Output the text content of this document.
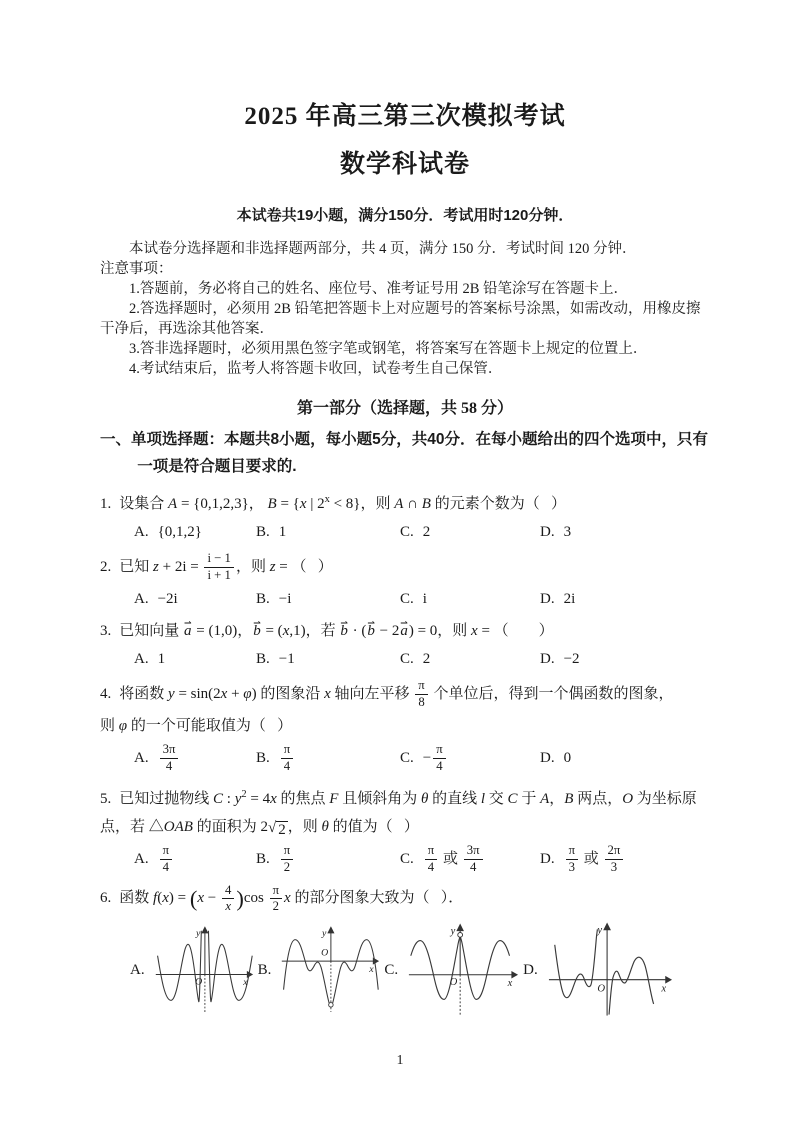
2025 年高三第三次模拟考试
数学科试卷
本试卷共19小题，满分150分．考试用时120分钟．

本试卷分选择题和非选择题两部分，共 4 页，满分 150 分．考试时间 120 分钟．

注意事项：

1.答题前，务必将自己的姓名、座位号、准考证号用 2B 铅笔涂写在答题卡上．

2.答选择题时，必须用 2B 铅笔把答题卡上对应题号的答案标号涂黑，如需改动，用橡皮擦干净后，再选涂其他答案．

3.答非选择题时，必须用黑色签字笔或钢笔，将答案写在答题卡上规定的位置上．

4.考试结束后，监考人将答题卡收回，试卷考生自己保管．

第一部分（选择题，共 58 分）

一、单项选择题：本题共8小题，每小题5分，共40分．在每小题给出的四个选项中，只有一项是符合题目要求的.

1. 设集合 A = {0,1,2,3}， B = {x | $2^x < 8$}，则 A ∩ B 的元素个数为（   ）

A. {0,1,2}	B. 1	C. 2	D. 3

2. 已知 $z + 2i = \frac{i - 1}{i + 1}$ ，则 z = （   ）

A. −2i	B. −i	C. i	D. 2i

3. 已知向量 a ⇀ = (1,0)，b ⇀ = (x,1)，若 b ⇀ · (b ⇀ − 2a ⇀) = 0，则 x = （        ）

A. 1	B. −1	C. 2	D. −2

4. 将函数 y = sin(2x + φ) 的图象沿 x 轴向左平移 $\frac{\pi}{8}$ 个单位后，得到一个偶函数的图象，

则 φ 的一个可能取值为（   ）

A. $\frac{3\pi}{4}$	B. $\frac{\pi}{4}$	C. − $\frac{\pi}{4}$	D. 0

5. 已知过抛物线 C : $y^2 = 4x$ 的焦点 F 且倾斜角为 θ 的直线 l 交 C 于 A，B 两点，O 为坐标原

点，若 △OAB 的面积为 2 √ 2 ，则 θ 的值为（   ）

A. $\frac{\pi}{4}$	B. $\frac{\pi}{2}$	C. $\frac{\pi}{4}$ 或 $\frac{3\pi}{4}$	D. $\frac{\pi}{3}$ 或 $\frac{2\pi}{3}$

6. 函数 $f(x) = (x - \frac{4}{x} )\cos \frac{\pi}{2}$ x 的部分图象大致为（   ）．

A.
y
x
O
B.
y
x
O
C.
y
x
O
D.
y
x
O
1
